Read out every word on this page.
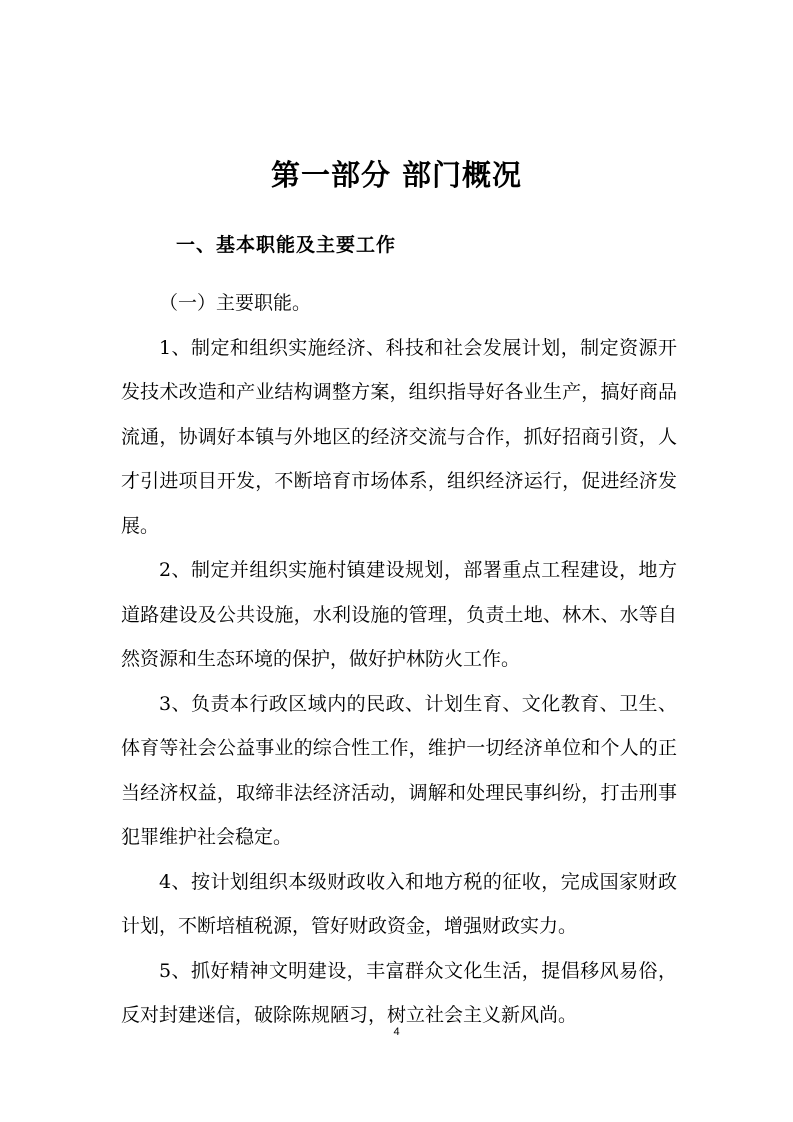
第一部分 部门概况
一、基本职能及主要工作

（一）主要职能。

1、制定和组织实施经济、科技和社会发展计划，制定资源开发技术改造和产业结构调整方案，组织指导好各业生产，搞好商品流通，协调好本镇与外地区的经济交流与合作，抓好招商引资，人才引进项目开发，不断培育市场体系，组织经济运行，促进经济发展。

2、制定并组织实施村镇建设规划，部署重点工程建设，地方道路建设及公共设施，水利设施的管理，负责土地、林木、水等自然资源和生态环境的保护，做好护林防火工作。

3、负责本行政区域内的民政、计划生育、文化教育、卫生、体育等社会公益事业的综合性工作，维护一切经济单位和个人的正当经济权益，取缔非法经济活动，调解和处理民事纠纷，打击刑事犯罪维护社会稳定。

4、按计划组织本级财政收入和地方税的征收，完成国家财政计划，不断培植税源，管好财政资金，增强财政实力。

5、抓好精神文明建设，丰富群众文化生活，提倡移风易俗，反对封建迷信，破除陈规陋习，树立社会主义新风尚。

4
